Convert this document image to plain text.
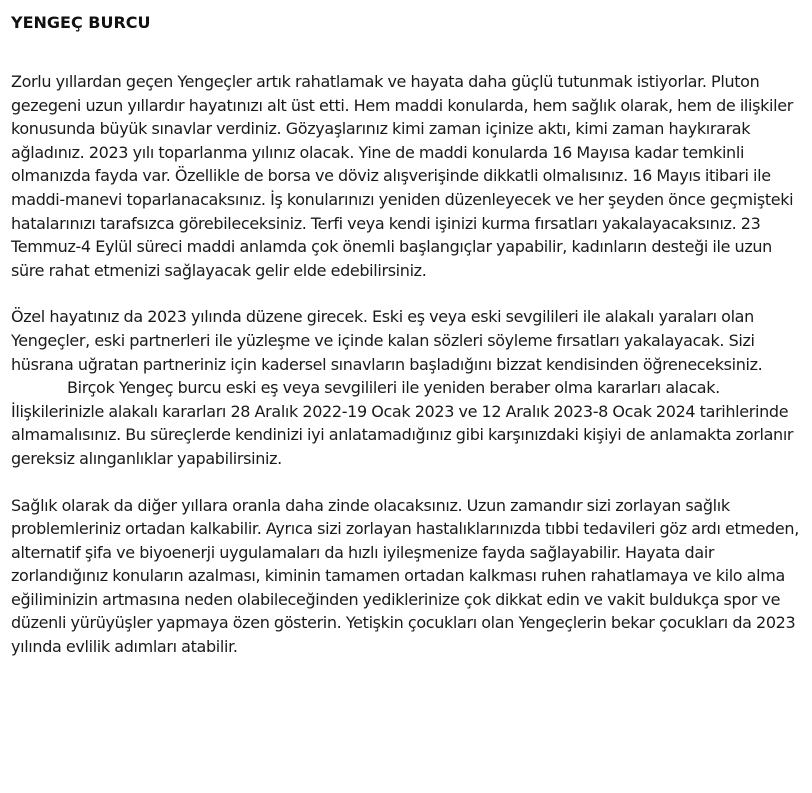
YENGEÇ BURCU

Zorlu yıllardan geçen Yengeçler artık rahatlamak ve hayata daha güçlü tutunmak istiyorlar. Pluton gezegeni uzun yıllardır hayatınızı alt üst etti. Hem maddi konularda, hem sağlık olarak, hem de ilişkiler konusunda büyük sınavlar verdiniz. Gözyaşlarınız kimi zaman içinize aktı, kimi zaman haykırarak ağladınız. 2023 yılı toparlanma yılınız olacak. Yine de maddi konularda 16 Mayısa kadar temkinli olmanızda fayda var. Özellikle de borsa ve döviz alışverişinde dikkatli olmalısınız. 16 Mayıs itibari ile maddi-manevi toparlanacaksınız. İş konularınızı yeniden düzenleyecek ve her şeyden önce geçmişteki hatalarınızı tarafsızca görebileceksiniz. Terfi veya kendi işinizi kurma fırsatları yakalayacaksınız. 23 Temmuz-4 Eylül süreci maddi anlamda çok önemli başlangıçlar yapabilir, kadınların desteği ile uzun süre rahat etmenizi sağlayacak gelir elde edebilirsiniz.

Özel hayatınız da 2023 yılında düzene girecek. Eski eş veya eski sevgilileri ile alakalı yaraları olan Yengeçler, eski partnerleri ile yüzleşme ve içinde kalan sözleri söyleme fırsatları yakalayacak. Sizi hüsrana uğratan partneriniz için kadersel sınavların başladığını bizzat kendisinden öğreneceksiniz.Birçok Yengeç burcu eski eş veya sevgilileri ile yeniden beraber olma kararları alacak. İlişkilerinizle alakalı kararları 28 Aralık 2022-19 Ocak 2023 ve 12 Aralık 2023-8 Ocak 2024 tarihlerinde almamalısınız. Bu süreçlerde kendinizi iyi anlatamadığınız gibi karşınızdaki kişiyi de anlamakta zorlanır gereksiz alınganlıklar yapabilirsiniz.

Sağlık olarak da diğer yıllara oranla daha zinde olacaksınız. Uzun zamandır sizi zorlayan sağlık problemleriniz ortadan kalkabilir. Ayrıca sizi zorlayan hastalıklarınızda tıbbi tedavileri göz ardı etmeden, alternatif şifa ve biyoenerji uygulamaları da hızlı iyileşmenize fayda sağlayabilir. Hayata dair zorlandığınız konuların azalması, kiminin tamamen ortadan kalkması ruhen rahatlamaya ve kilo alma eğiliminizin artmasına neden olabileceğinden yediklerinize çok dikkat edin ve vakit buldukça spor ve düzenli yürüyüşler yapmaya özen gösterin. Yetişkin çocukları olan Yengeçlerin bekar çocukları da 2023 yılında evlilik adımları atabilir.
